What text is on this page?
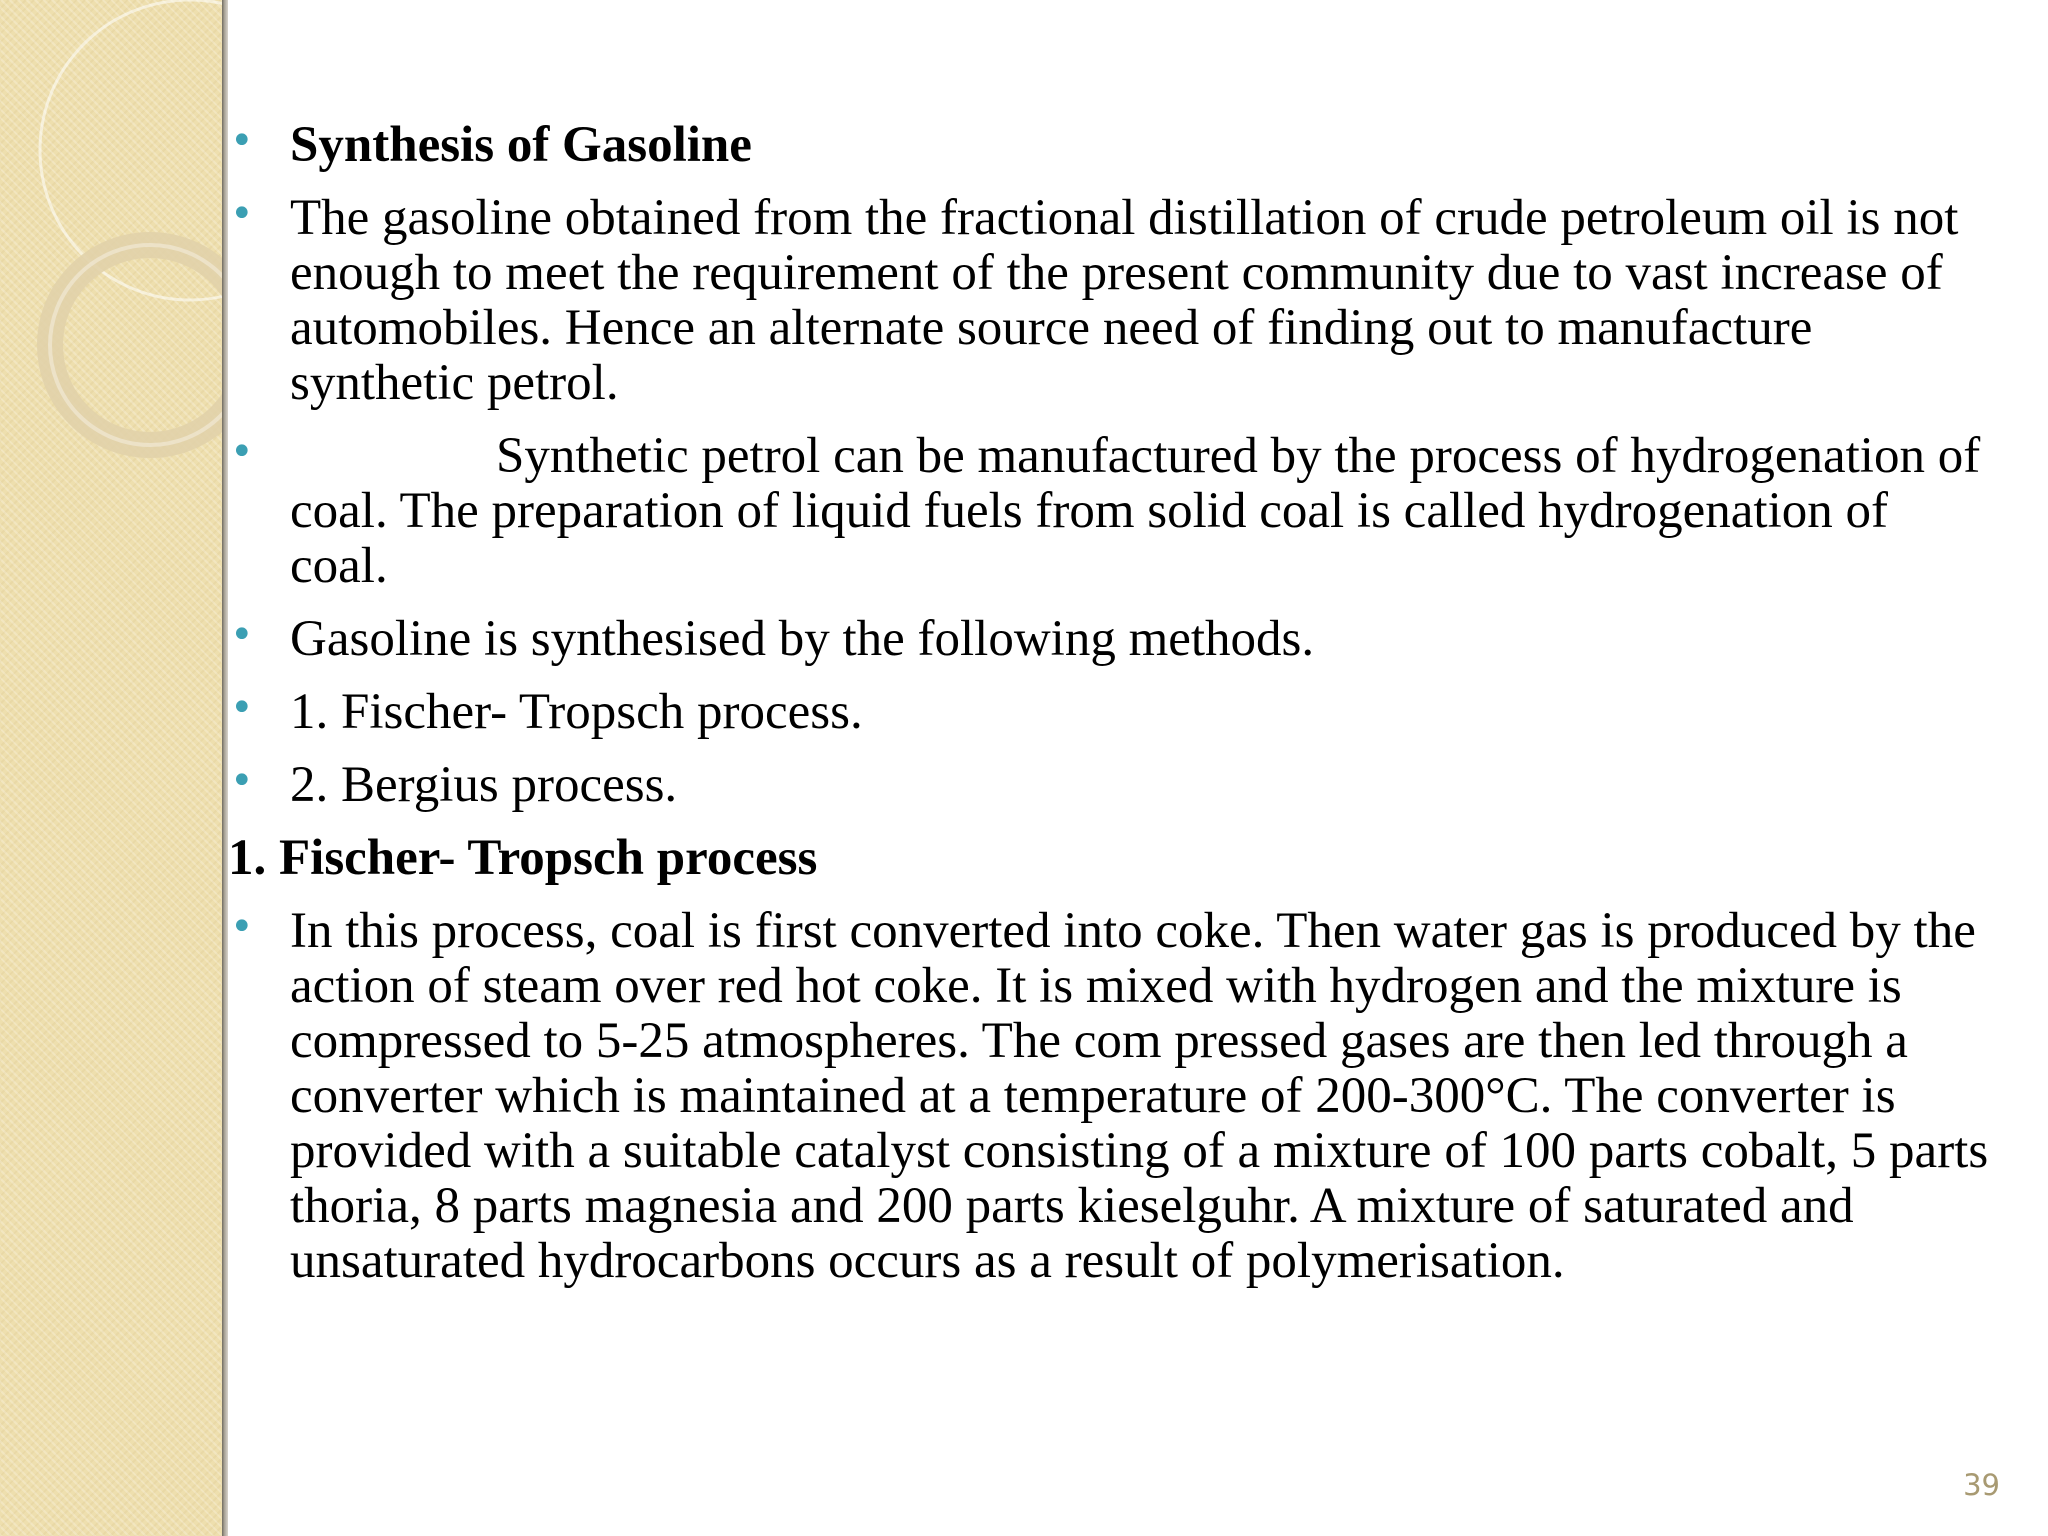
• Synthesis of Gasoline
• The gasoline obtained from the fractional distillation of crude petroleum oil is not enough to meet the requirement of the present community due to vast increase of automobiles. Hence an alternate source need of finding out to manufacture synthetic petrol.
•	Synthetic petrol can be manufactured by the process of hydrogenation of coal. The preparation of liquid fuels from solid coal is called hydrogenation of coal.
• Gasoline is synthesised by the following methods.
• 1. Fischer- Tropsch process.
• 2. Bergius process.
1. Fischer- Tropsch process
• In this process, coal is first converted into coke. Then water gas is produced by the action of steam over red hot coke. It is mixed with hydrogen and the mixture is compressed to 5-25 atmospheres. The com pressed gases are then led through a converter which is maintained at a temperature of 200-300°C. The converter is provided with a suitable catalyst consisting of a mixture of 100 parts cobalt, 5 parts thoria, 8 parts magnesia and 200 parts kieselguhr. A mixture of saturated and unsaturated hydrocarbons occurs as a result of polymerisation.
39
